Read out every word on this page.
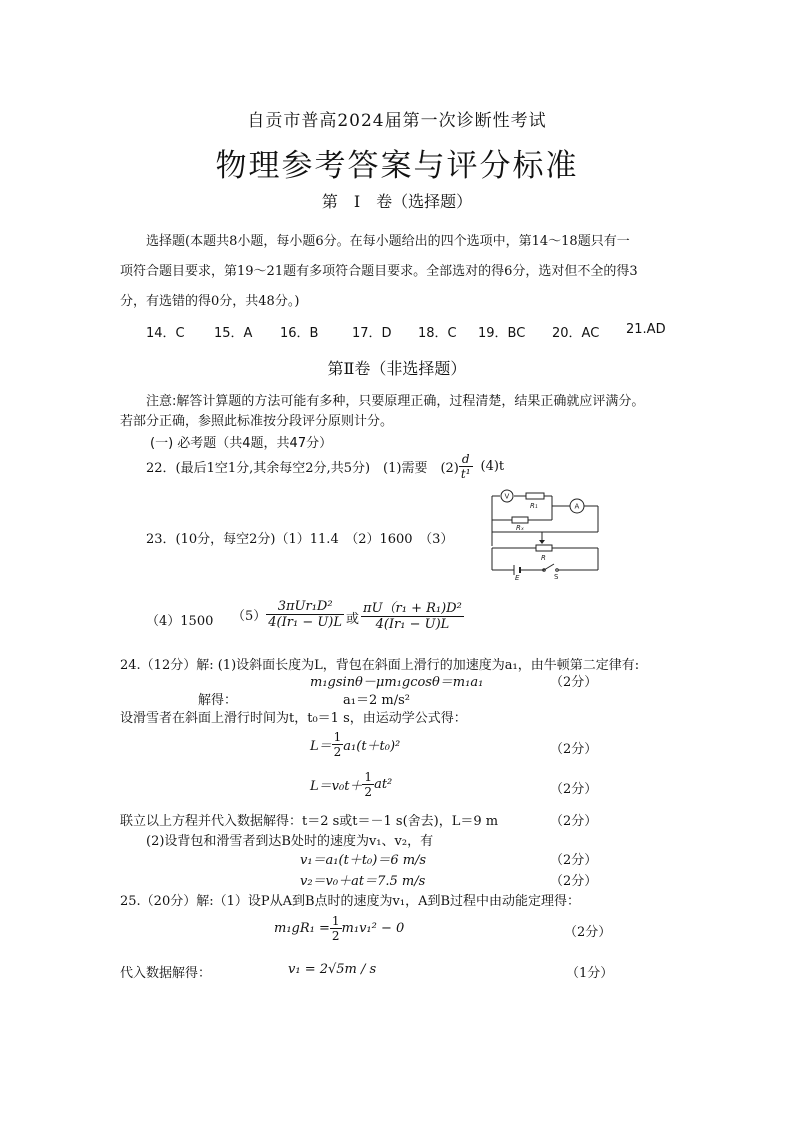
自贡市普高2024届第一次诊断性考试
物理参考答案与评分标准
第　Ⅰ　卷（选择题）
选择题(本题共8小题，每小题6分。在每小题给出的四个选项中，第14～18题只有一
项符合题目要求，第19～21题有多项符合题目要求。全部选对的得6分，选对但不全的得3
分，有选错的得0分，共48分。)
14．C 15．A 16．B	17．D 18．C 19．BC 20．AC 21.AD
第Ⅱ卷（非选择题）
注意:解答计算题的方法可能有多种，只要原理正确，过程清楚，结果正确就应评满分。
若部分正确，参照此标准按分段评分原则计分。
(一) 必考题（共4题，共47分）
22．(最后1空1分,其余每空2分,共5分)　(1)需要　$(2) \frac{d}{\text{t¹}} (4)t$
23．(10分，每空2分)（1）11.4　（2）1600　（3）
V
A
R₁
Rₓ
R
E	S
（4）1500 $(5) \frac{\text{3πUr₁D²}}{\text{4(Ir₁ − U)L}}$ 或 $\frac{\text{πU（r₁ + R₁)D²}}{\text{4(Ir₁ − U)L}}$
24.（12分）解: (1)设斜面长度为L，背包在斜面上滑行的加速度为a₁，由牛顿第二定律有:
m₁gsinθ－μm₁gcosθ＝m₁a₁	（2分）
解得：	a₁＝2 m/s²
设滑雪者在斜面上滑行时间为t，t₀＝1 s，由运动学公式得：
$L= \frac{1}{2} a_1(t+t_0)^2$	（2分）
$L=v_0t+ \frac{1}{2} at^2$	（2分）
联立以上方程并代入数据解得：t＝2 s或t＝－1 s(舍去)，L＝9 m	（2分）
(2)设背包和滑雪者到达B处时的速度为v₁、v₂，有
v₁＝a₁(t＋t₀)＝6 m/s	（2分）
v₂＝v₀＋at＝7.5 m/s	（2分）
25.（20分）解:（1）设P从A到B点时的速度为v₁，A到B过程中由动能定理得：
$m_1gR_1 = \frac{1}{2} m_1v_1^2 - 0$	（2分）
代入数据解得：	v₁ = 2√5m / s	（1分）
